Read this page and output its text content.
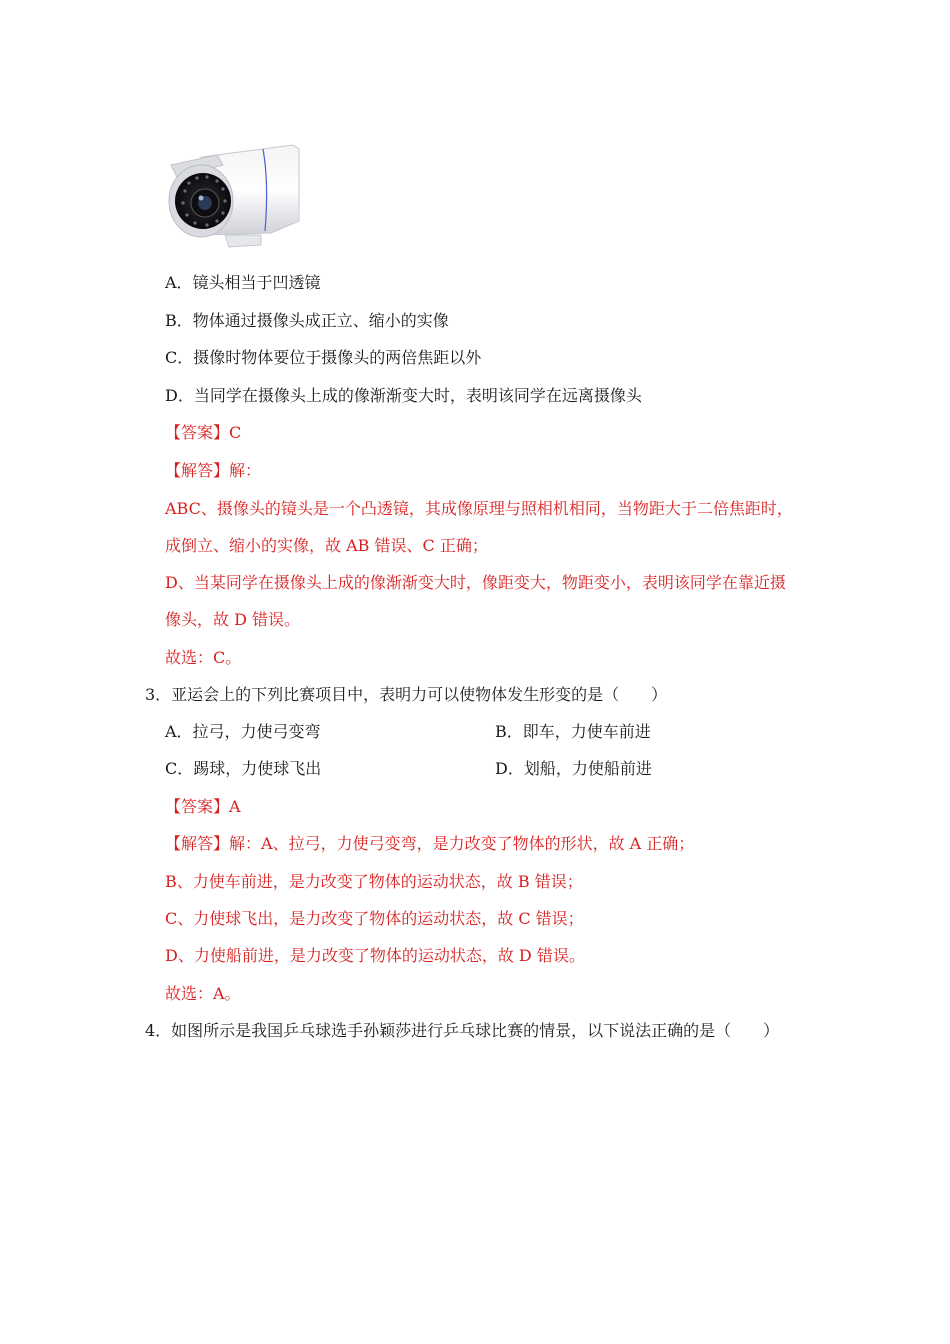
A．镜头相当于凹透镜
B．物体通过摄像头成正立、缩小的实像
C．摄像时物体要位于摄像头的两倍焦距以外
D．当同学在摄像头上成的像渐渐变大时，表明该同学在远离摄像头
【答案】C
【解答】解：
ABC、摄像头的镜头是一个凸透镜，其成像原理与照相机相同，当物距大于二倍焦距时，
成倒立、缩小的实像，故 AB 错误、C 正确；
D、当某同学在摄像头上成的像渐渐变大时，像距变大，物距变小，表明该同学在靠近摄
像头，故 D 错误。
故选：C。
3．亚运会上的下列比赛项目中，表明力可以使物体发生形变的是（　　）
A．拉弓，力使弓变弯	B．即车，力使车前进
C．踢球，力使球飞出	D．划船，力使船前进
【答案】A
【解答】解：A、拉弓，力使弓变弯，是力改变了物体的形状，故 A 正确；
B、力使车前进，是力改变了物体的运动状态，故 B 错误；
C、力使球飞出，是力改变了物体的运动状态，故 C 错误；
D、力使船前进，是力改变了物体的运动状态，故 D 错误。
故选：A。
4．如图所示是我国乒乓球选手孙颖莎进行乒乓球比赛的情景，以下说法正确的是（　　）
